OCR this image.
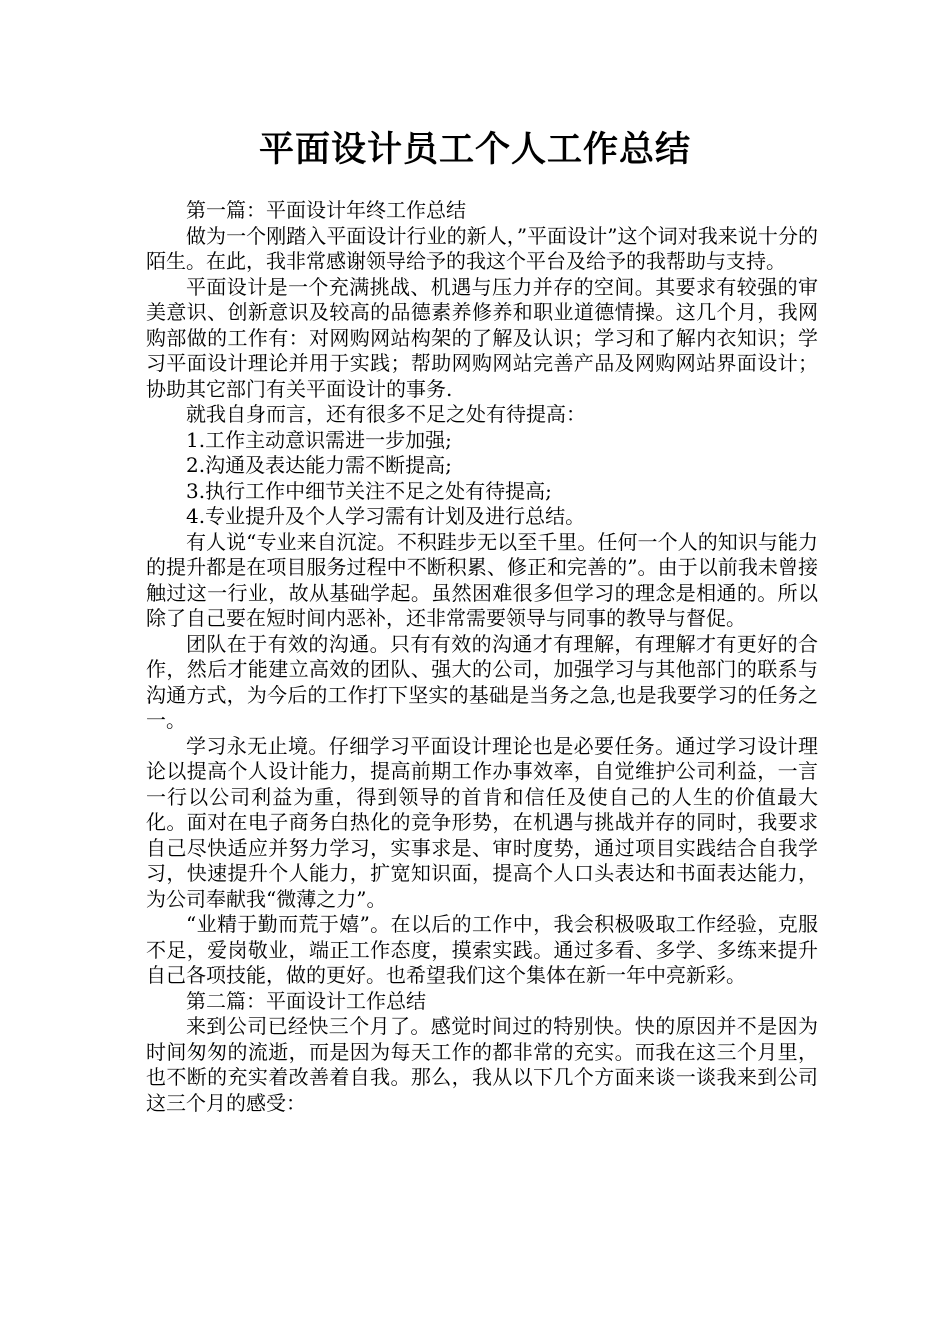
平面设计员工个人工作总结

第一篇：平面设计年终工作总结

做为一个刚踏入平面设计行业的新人，”平面设计”这个词对我来说十分的陌生。在此，我非常感谢领导给予的我这个平台及给予的我帮助与支持。

平面设计是一个充满挑战、机遇与压力并存的空间。其要求有较强的审美意识、创新意识及较高的品德素养修养和职业道德情操。这几个月，我网购部做的工作有：对网购网站构架的了解及认识；学习和了解内衣知识；学习平面设计理论并用于实践；帮助网购网站完善产品及网购网站界面设计；协助其它部门有关平面设计的事务.

就我自身而言，还有很多不足之处有待提高：

1.工作主动意识需进一步加强;

2.沟通及表达能力需不断提高;

3.执行工作中细节关注不足之处有待提高;

4.专业提升及个人学习需有计划及进行总结。

有人说“专业来自沉淀。不积跬步无以至千里。任何一个人的知识与能力的提升都是在项目服务过程中不断积累、修正和完善的”。由于以前我未曾接触过这一行业，故从基础学起。虽然困难很多但学习的理念是相通的。所以除了自己要在短时间内恶补，还非常需要领导与同事的教导与督促。

团队在于有效的沟通。只有有效的沟通才有理解，有理解才有更好的合作，然后才能建立高效的团队、强大的公司，加强学习与其他部门的联系与沟通方式，为今后的工作打下坚实的基础是当务之急,也是我要学习的任务之一。

学习永无止境。仔细学习平面设计理论也是必要任务。通过学习设计理论以提高个人设计能力，提高前期工作办事效率，自觉维护公司利益，一言一行以公司利益为重，得到领导的首肯和信任及使自己的人生的价值最大化。面对在电子商务白热化的竞争形势，在机遇与挑战并存的同时，我要求自己尽快适应并努力学习，实事求是、审时度势，通过项目实践结合自我学习，快速提升个人能力，扩宽知识面，提高个人口头表达和书面表达能力，为公司奉献我“微薄之力”。

“业精于勤而荒于嬉”。在以后的工作中，我会积极吸取工作经验，克服不足，爱岗敬业，端正工作态度，摸索实践。通过多看、多学、多练来提升自己各项技能，做的更好。也希望我们这个集体在新一年中亮新彩。

第二篇：平面设计工作总结

来到公司已经快三个月了。感觉时间过的特别快。快的原因并不是因为时间匆匆的流逝，而是因为每天工作的都非常的充实。而我在这三个月里，也不断的充实着改善着自我。那么，我从以下几个方面来谈一谈我来到公司这三个月的感受：
